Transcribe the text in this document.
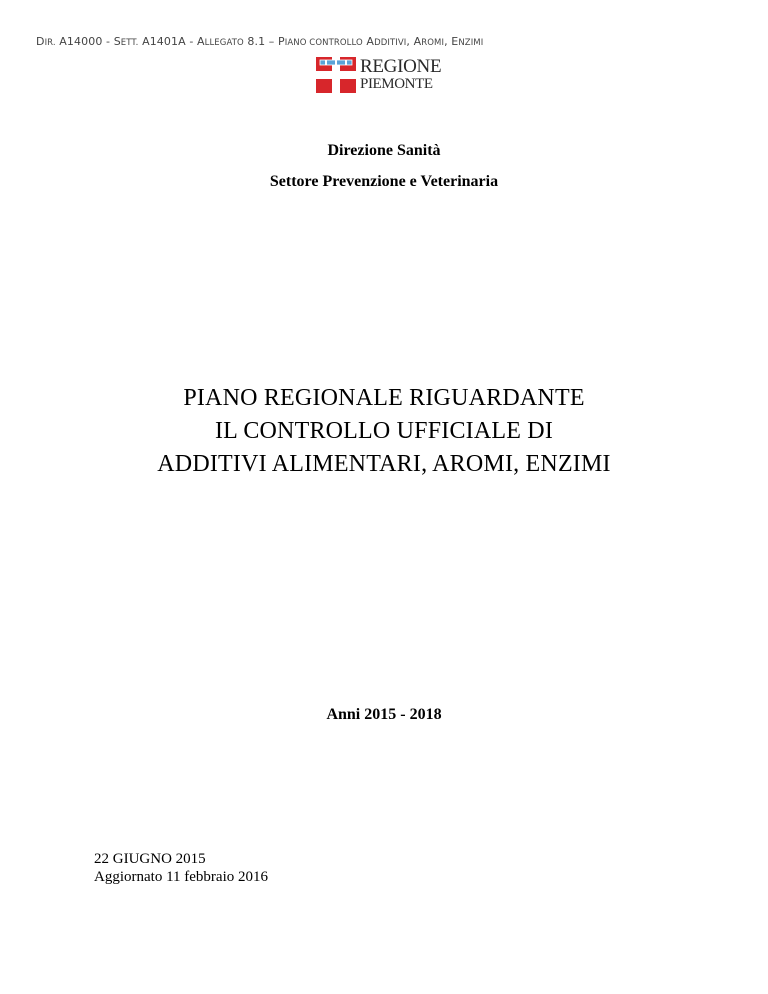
DIR. A14000 - SETT. A1401A - ALLEGATO 8.1 – PIANO CONTROLLO ADDITIVI, AROMI, ENZIMI
REGIONE
PIEMONTE
Direzione Sanità
Settore Prevenzione e Veterinaria
PIANO REGIONALE RIGUARDANTE
IL CONTROLLO UFFICIALE DI
ADDITIVI ALIMENTARI, AROMI, ENZIMI
Anni 2015 - 2018
22 GIUGNO 2015
Aggiornato 11 febbraio 2016
